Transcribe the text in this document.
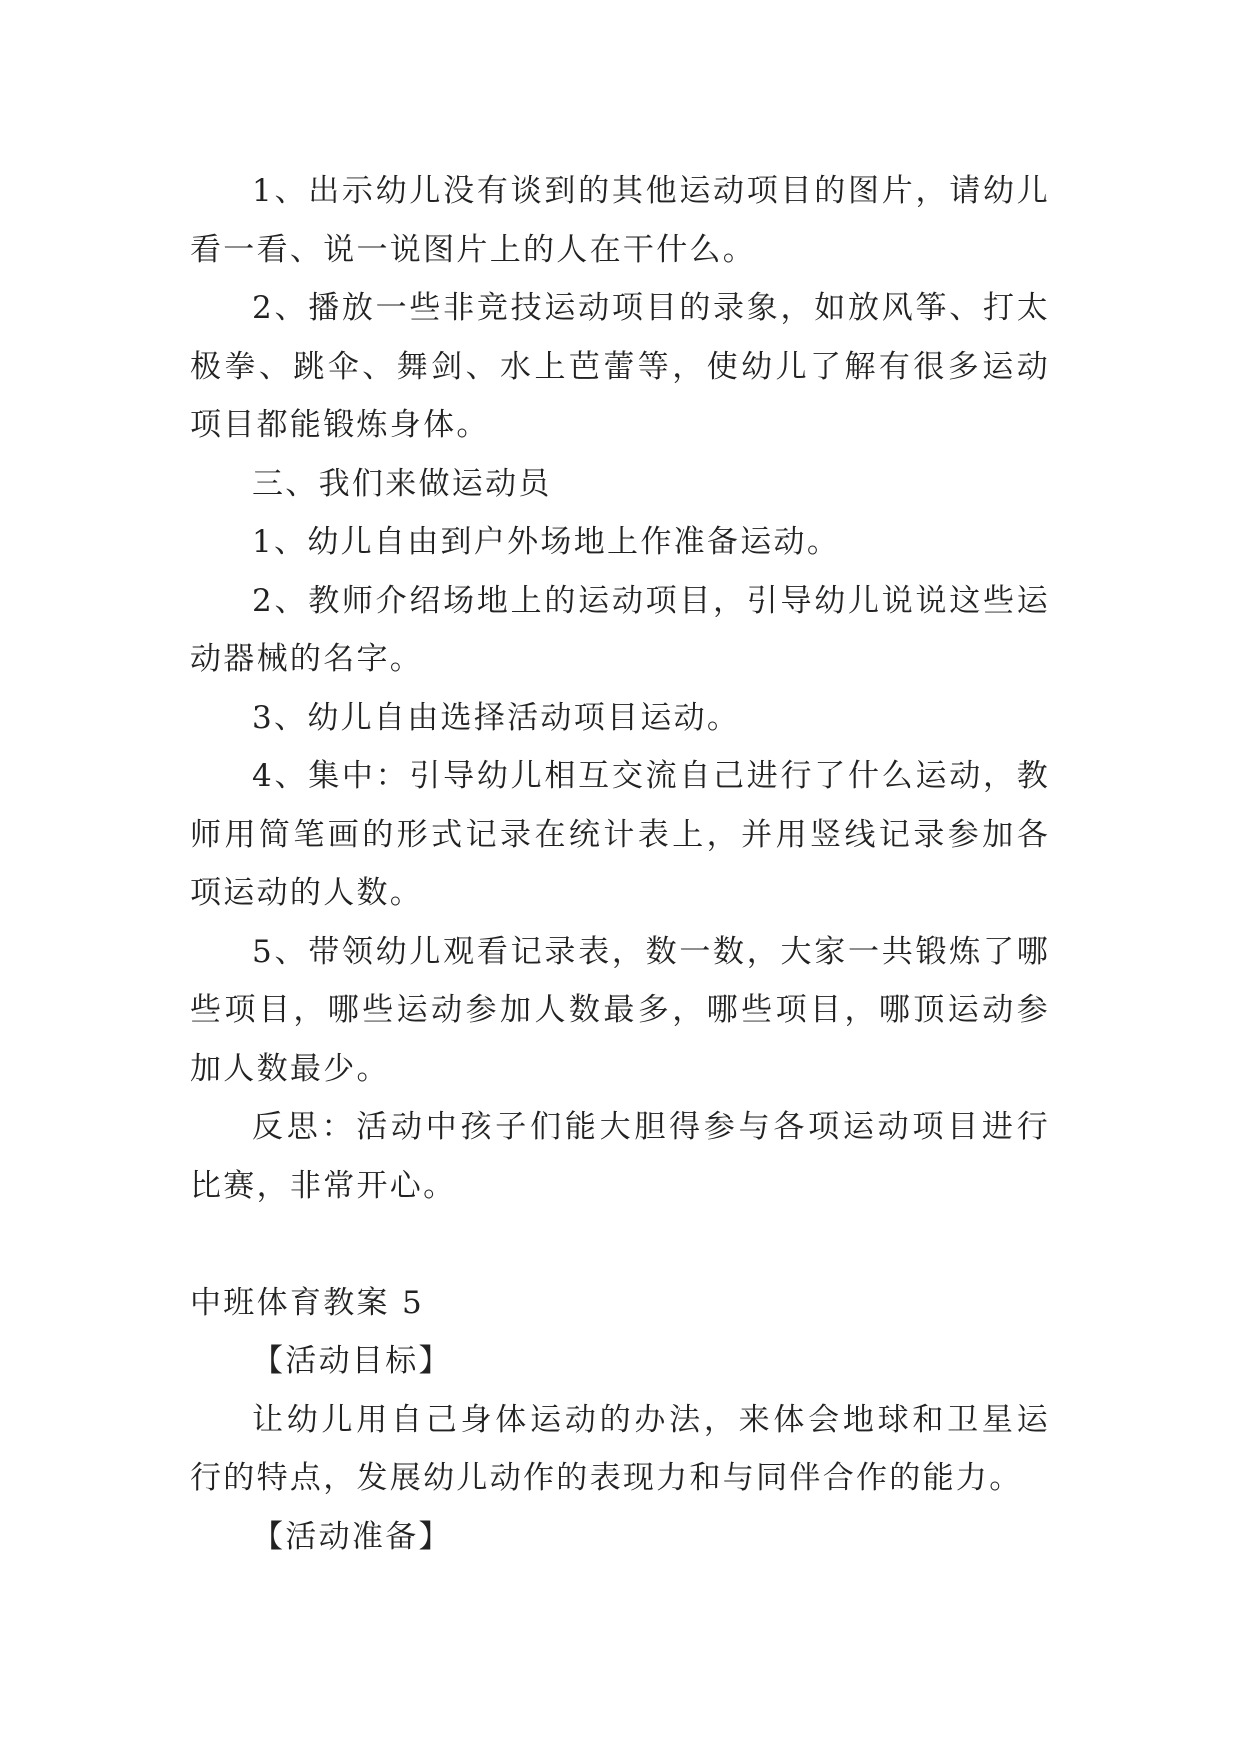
1、出示幼儿没有谈到的其他运动项目的图片，请幼儿看一看、说一说图片上的人在干什么。

2、播放一些非竞技运动项目的录象，如放风筝、打太极拳、跳伞、舞剑、水上芭蕾等，使幼儿了解有很多运动项目都能锻炼身体。

三、我们来做运动员

1、幼儿自由到户外场地上作准备运动。

2、教师介绍场地上的运动项目，引导幼儿说说这些运动器械的名字。

3、幼儿自由选择活动项目运动。

4、集中：引导幼儿相互交流自己进行了什么运动，教师用简笔画的形式记录在统计表上，并用竖线记录参加各项运动的人数。

5、带领幼儿观看记录表，数一数，大家一共锻炼了哪些项目，哪些运动参加人数最多，哪些项目，哪顶运动参加人数最少。

反思：活动中孩子们能大胆得参与各项运动项目进行比赛，非常开心。

中班体育教案 5

【活动目标】

让幼儿用自己身体运动的办法，来体会地球和卫星运行的特点，发展幼儿动作的表现力和与同伴合作的能力。

【活动准备】
